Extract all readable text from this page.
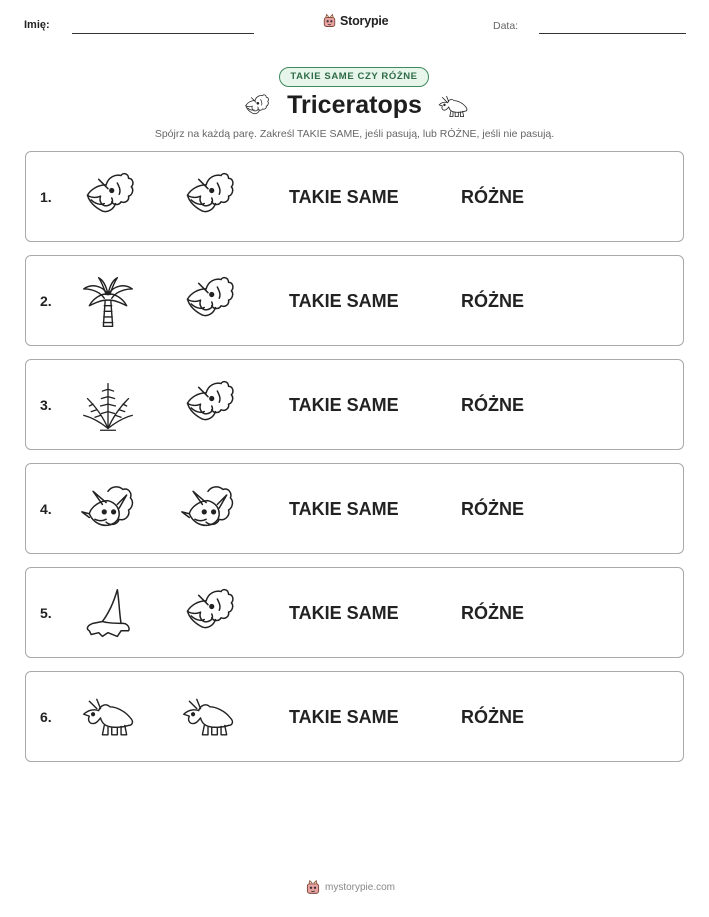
Imię:	Storypie	Data:
TAKIE SAME CZY RÓŻNE
Triceratops
Spójrz na każdą parę. Zakreśl TAKIE SAME, jeśli pasują, lub RÓŻNE, jeśli nie pasują.
1.	TAKIE SAME	RÓŻNE
2.	TAKIE SAME	RÓŻNE
3.	TAKIE SAME	RÓŻNE
4.	TAKIE SAME	RÓŻNE
5.	TAKIE SAME	RÓŻNE
6.	TAKIE SAME	RÓŻNE
mystorypie.com
